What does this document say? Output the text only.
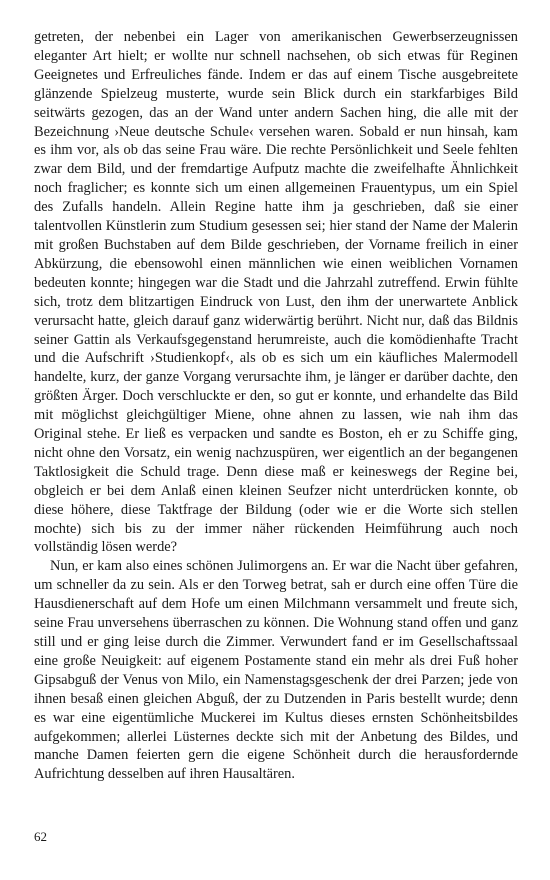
getreten, der nebenbei ein Lager von amerikanischen Gewerbserzeugnissen eleganter Art hielt; er wollte nur schnell nachsehen, ob sich etwas für Reginen Geeignetes und Erfreuliches fände. Indem er das auf einem Tische ausgebreitete glänzende Spielzeug musterte, wurde sein Blick durch ein starkfarbiges Bild seitwärts gezogen, das an der Wand unter andern Sachen hing, die alle mit der Bezeichnung ›Neue deutsche Schule‹ versehen waren. Sobald er nun hinsah, kam es ihm vor, als ob das seine Frau wäre. Die rechte Persönlichkeit und Seele fehlten zwar dem Bild, und der fremdartige Aufputz machte die zweifelhafte Ähnlichkeit noch fraglicher; es konnte sich um einen allgemeinen Frauentypus, um ein Spiel des Zufalls handeln. Allein Regine hatte ihm ja geschrieben, daß sie einer talentvollen Künstlerin zum Studium gesessen sei; hier stand der Name der Malerin mit großen Buchstaben auf dem Bilde geschrieben, der Vorname freilich in einer Abkürzung, die ebensowohl einen männlichen wie einen weiblichen Vornamen bedeuten konnte; hingegen war die Stadt und die Jahrzahl zutreffend. Erwin fühlte sich, trotz dem blitzartigen Eindruck von Lust, den ihm der unerwartete Anblick verursacht hatte, gleich darauf ganz widerwärtig berührt. Nicht nur, daß das Bildnis seiner Gattin als Verkaufsgegenstand herumreiste, auch die komödienhafte Tracht und die Aufschrift ›Studienkopf‹, als ob es sich um ein käufliches Malermodell handelte, kurz, der ganze Vorgang verursachte ihm, je länger er darüber dachte, den größten Ärger. Doch verschluckte er den, so gut er konnte, und erhandelte das Bild mit möglichst gleichgültiger Miene, ohne ahnen zu lassen, wie nah ihm das Original stehe. Er ließ es verpacken und sandte es Boston, eh er zu Schiffe ging, nicht ohne den Vorsatz, ein wenig nachzuspüren, wer eigentlich an der begangenen Taktlosigkeit die Schuld trage. Denn diese maß er keineswegs der Regine bei, obgleich er bei dem Anlaß einen kleinen Seufzer nicht unterdrücken konnte, ob diese höhere, diese Taktfrage der Bildung (oder wie er die Worte sich stellen mochte) sich bis zu der immer näher rückenden Heimführung auch noch vollständig lösen werde?

Nun, er kam also eines schönen Julimorgens an. Er war die Nacht über gefahren, um schneller da zu sein. Als er den Torweg betrat, sah er durch eine offen Türe die Hausdienerschaft auf dem Hofe um einen Milchmann versammelt und freute sich, seine Frau unversehens überraschen zu können. Die Wohnung stand offen und ganz still und er ging leise durch die Zimmer. Verwundert fand er im Gesellschaftssaal eine große Neuigkeit: auf eigenem Postamente stand ein mehr als drei Fuß hoher Gipsabguß der Venus von Milo, ein Namenstagsgeschenk der drei Parzen; jede von ihnen besaß einen gleichen Abguß, der zu Dutzenden in Paris bestellt wurde; denn es war eine eigentümliche Muckerei im Kultus dieses ernsten Schönheitsbildes aufgekommen; allerlei Lüsternes deckte sich mit der Anbetung des Bildes, und manche Damen feierten gern die eigene Schönheit durch die herausfordernde Aufrichtung desselben auf ihren Hausaltären.

62
